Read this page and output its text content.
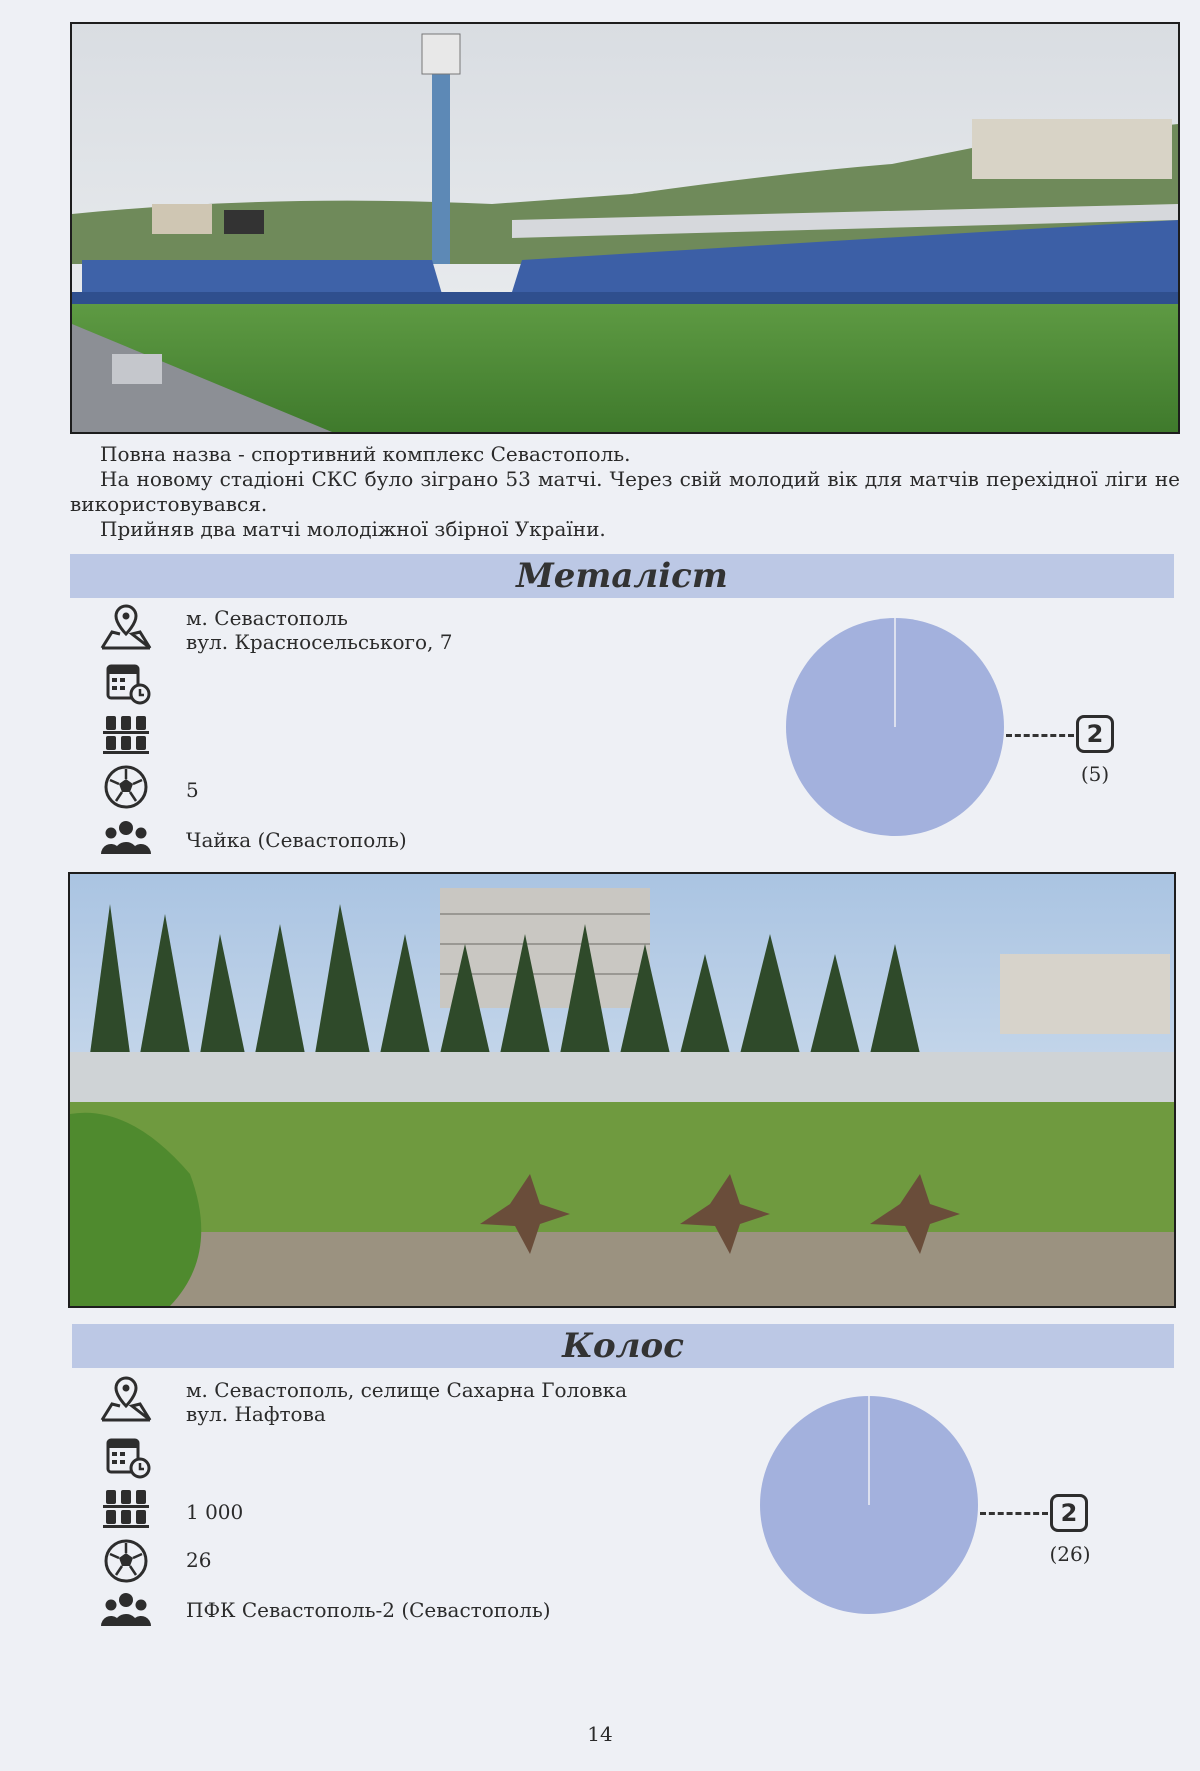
Повна назва - спортивний комплекс Севастополь.

На новому стадіоні СКС було зіграно 53 матчі. Через свій молодий вік для матчів перехідної ліги не використовувався.

Прийняв два матчі молодіжної збірної України.

Металіст
м. Севастополь
вул. Красносельського, 7
5
Чайка (Севастополь)
2
(5)
Колос
м. Севастополь, селище Сахарна Головка
вул. Нафтова
1 000
26
ПФК Севастополь-2 (Севастополь)
2
(26)
14
